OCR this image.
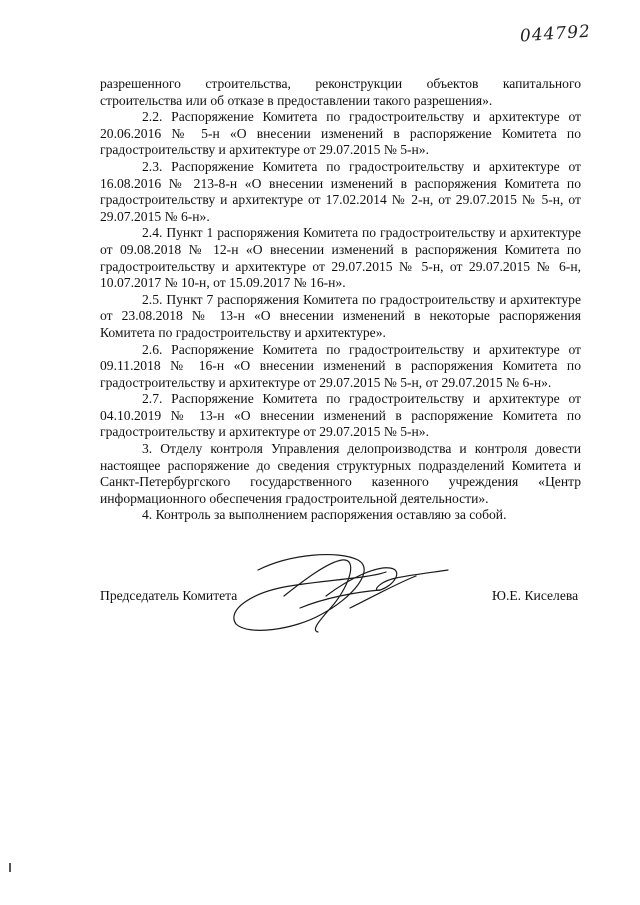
044792

разрешенного строительства, реконструкции объектов капитального строительства или об отказе в предоставлении такого разрешения».

2.2. Распоряжение Комитета по градостроительству и архитектуре от 20.06.2016 № 5-н «О внесении изменений в распоряжение Комитета по градостроительству и архитектуре от 29.07.2015 № 5-н».

2.3. Распоряжение Комитета по градостроительству и архитектуре от 16.08.2016 № 213-8-н «О внесении изменений в распоряжения Комитета по градостроительству и архитектуре от 17.02.2014 № 2-н, от 29.07.2015 № 5-н, от 29.07.2015 № 6-н».

2.4. Пункт 1 распоряжения Комитета по градостроительству и архитектуре от 09.08.2018 № 12-н «О внесении изменений в распоряжения Комитета по градостроительству и архитектуре от 29.07.2015 № 5-н, от 29.07.2015 № 6-н, 10.07.2017 № 10-н, от 15.09.2017 № 16-н».

2.5. Пункт 7 распоряжения Комитета по градостроительству и архитектуре от 23.08.2018 № 13-н «О внесении изменений в некоторые распоряжения Комитета по градостроительству и архитектуре».

2.6. Распоряжение Комитета по градостроительству и архитектуре от 09.11.2018 № 16-н «О внесении изменений в распоряжения Комитета по градостроительству и архитектуре от 29.07.2015 № 5-н, от 29.07.2015 № 6-н».

2.7. Распоряжение Комитета по градостроительству и архитектуре от 04.10.2019 № 13-н «О внесении изменений в распоряжение Комитета по градостроительству и архитектуре от 29.07.2015 № 5-н».

3. Отделу контроля Управления делопроизводства и контроля довести настоящее распоряжение до сведения структурных подразделений Комитета и Санкт-Петербургского государственного казенного учреждения «Центр информационного обеспечения градостроительной деятельности».

4. Контроль за выполнением распоряжения оставляю за собой.

Председатель Комитета	Ю.Е. Киселева
